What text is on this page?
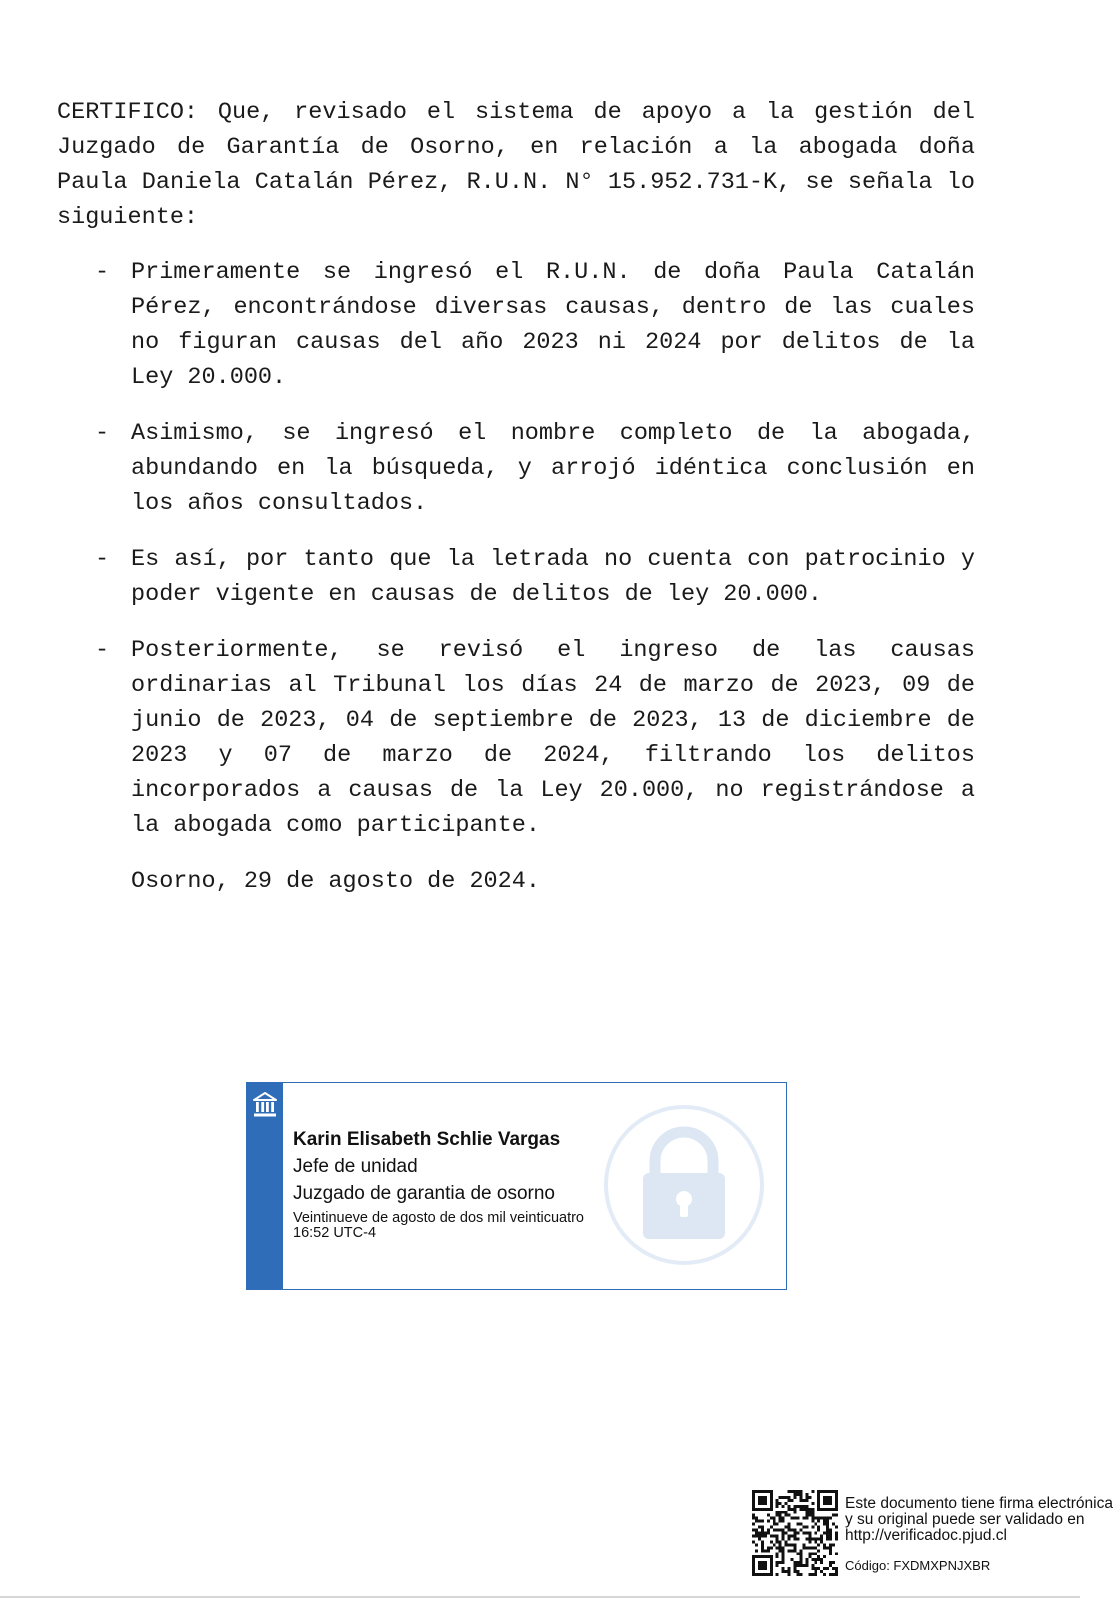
CERTIFICO: Que, revisado el sistema de apoyo a la gestión del Juzgado de Garantía de Osorno, en relación a la abogada doña Paula Daniela Catalán Pérez, R.U.N. N° 15.952.731-K, se señala lo siguiente:

- Primeramente se ingresó el R.U.N. de doña Paula Catalán Pérez, encontrándose diversas causas, dentro de las cuales no figuran causas del año 2023 ni 2024 por delitos de la Ley 20.000.

- Asimismo, se ingresó el nombre completo de la abogada, abundando en la búsqueda, y arrojó idéntica conclusión en los años consultados.

- Es así, por tanto que la letrada no cuenta con patrocinio y poder vigente en causas de delitos de ley 20.000.

- Posteriormente, se revisó el ingreso de las causas ordinarias al Tribunal los días 24 de marzo de 2023, 09 de junio de 2023, 04 de septiembre de 2023, 13 de diciembre de 2023 y 07 de marzo de 2024, filtrando los delitos incorporados a causas de la Ley 20.000, no registrándose a la abogada como participante.

Osorno, 29 de agosto de 2024.

Karin Elisabeth Schlie Vargas
Jefe de unidad
Juzgado de garantia de osorno
Veintinueve de agosto de dos mil veinticuatro
16:52 UTC-4
Este documento tiene firma electrónica
y su original puede ser validado en
http://verificadoc.pjud.cl
Código: FXDMXPNJXBR
